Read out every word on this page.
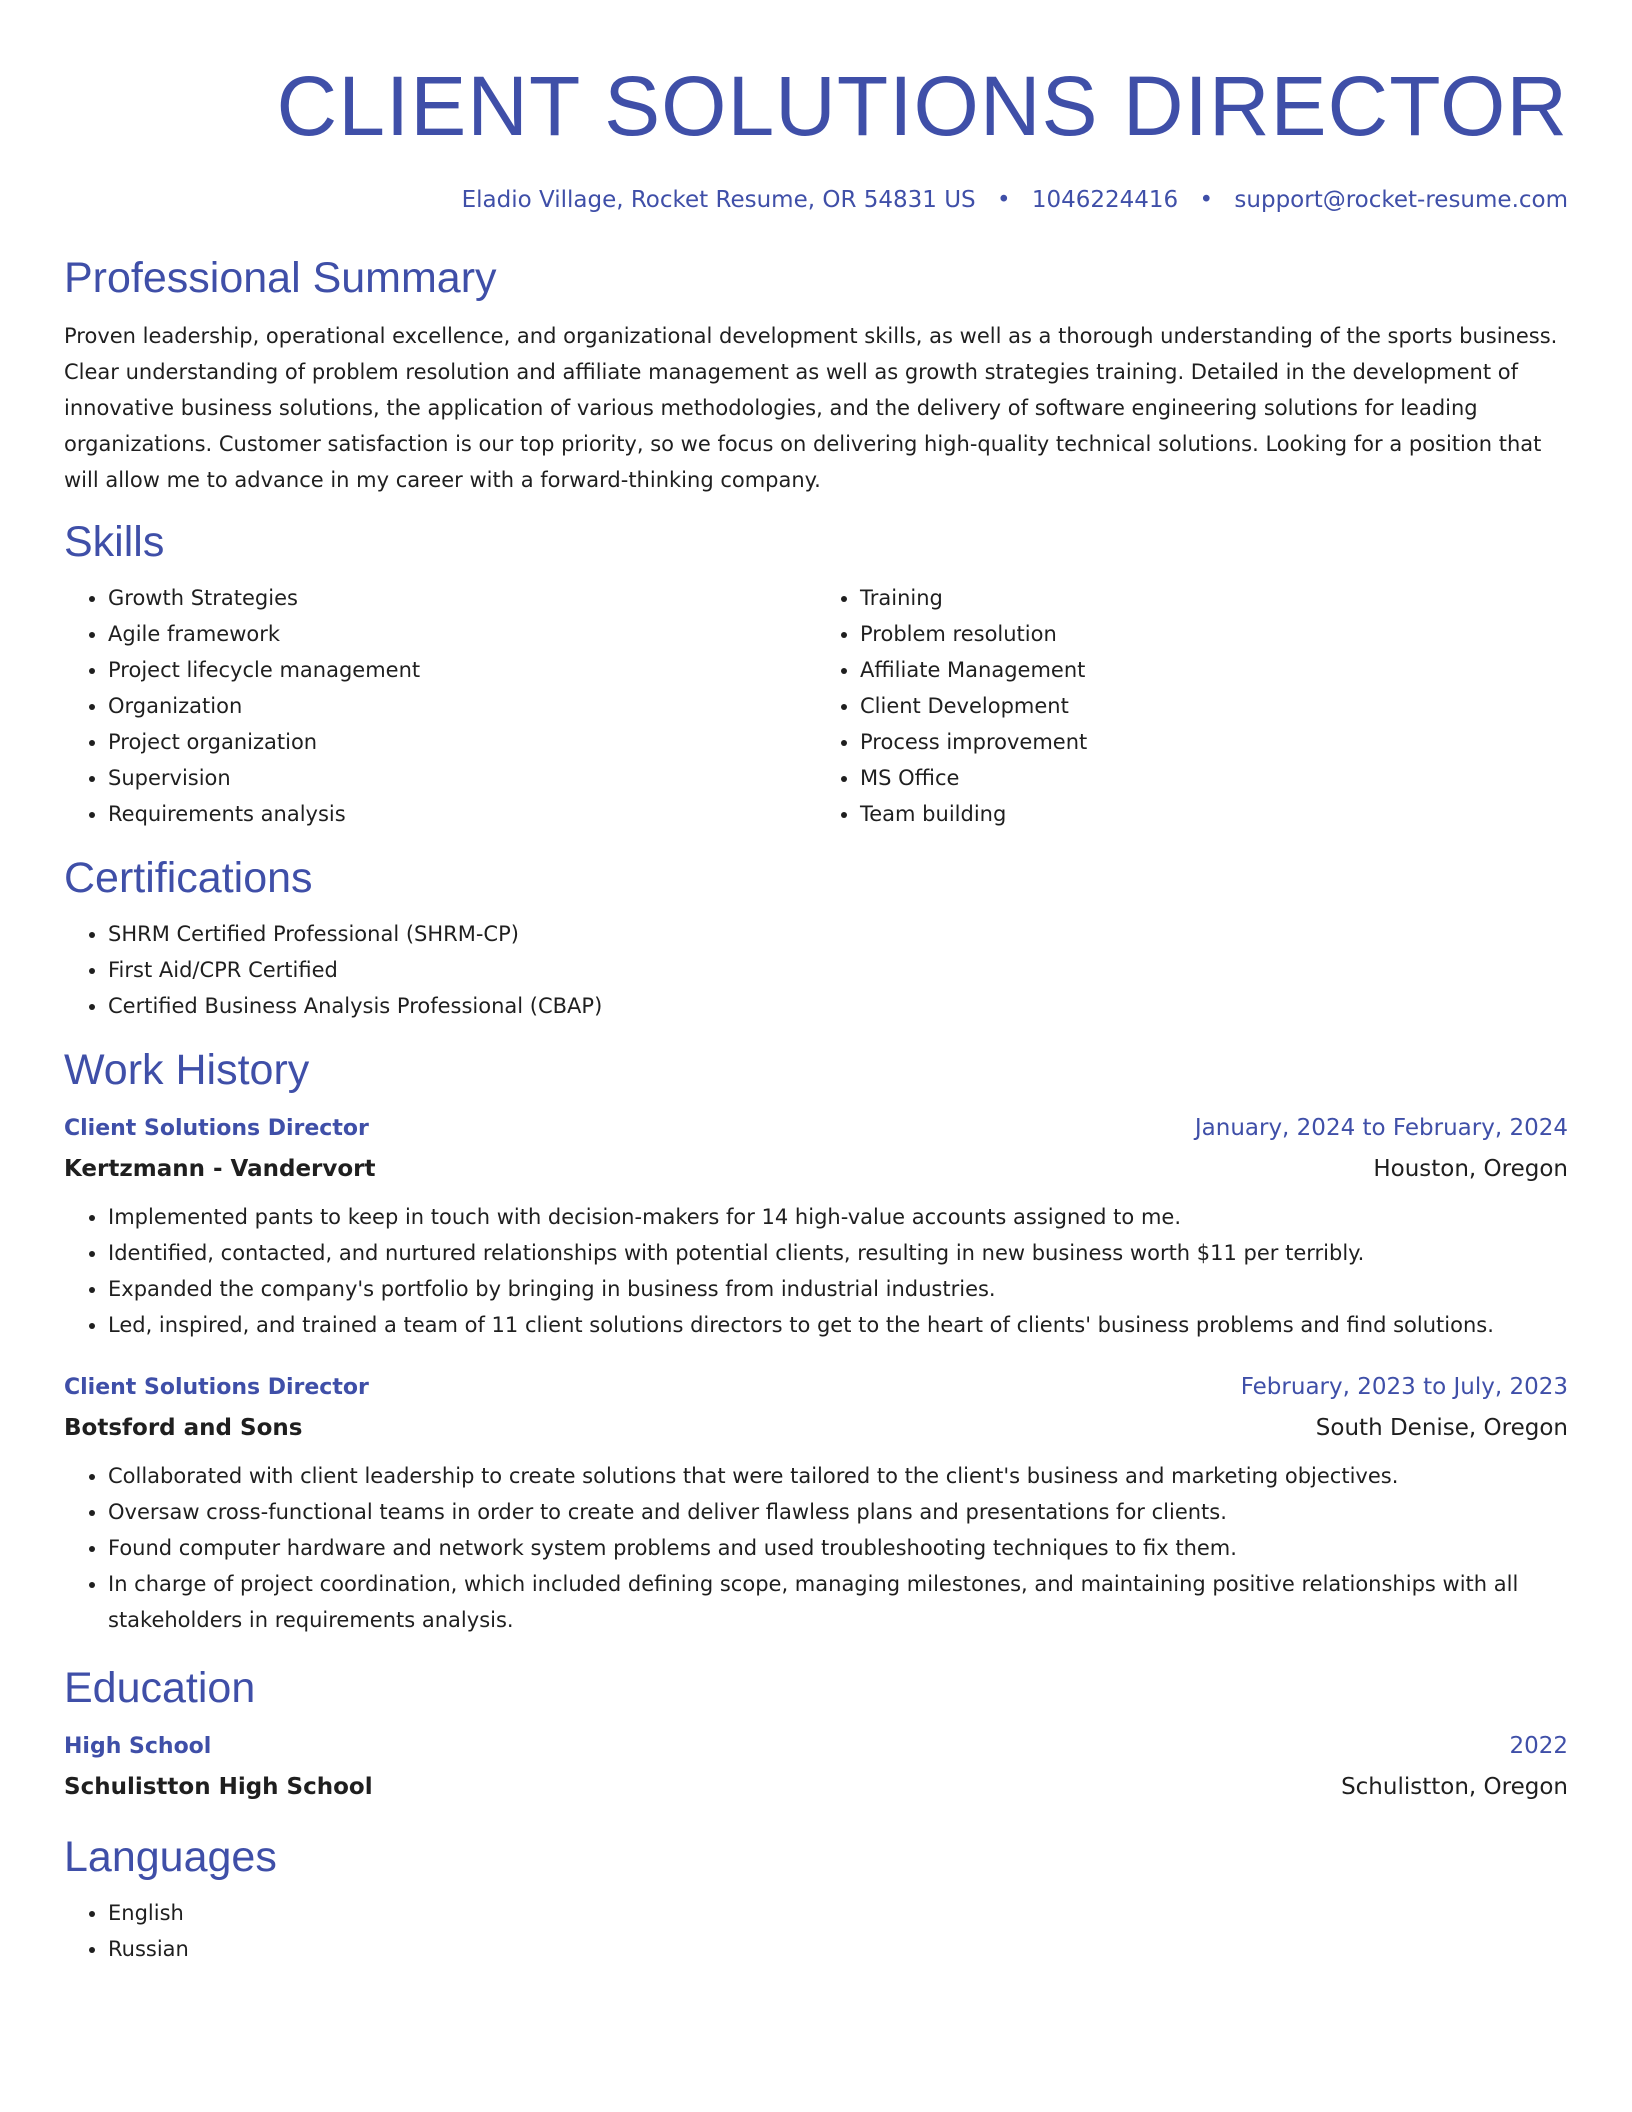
CLIENT SOLUTIONS DIRECTOR
Eladio Village, Rocket Resume, OR 54831 US • 1046224416 • support@rocket-resume.com
Professional Summary
Proven leadership, operational excellence, and organizational development skills, as well as a thorough understanding of the sports business. Clear understanding of problem resolution and affiliate management as well as growth strategies training. Detailed in the development of innovative business solutions, the application of various methodologies, and the delivery of software engineering solutions for leading organizations. Customer satisfaction is our top priority, so we focus on delivering high-quality technical solutions. Looking for a position that will allow me to advance in my career with a forward-thinking company.
Skills
• Growth Strategies
• Agile framework
• Project lifecycle management
• Organization
• Project organization
• Supervision
• Requirements analysis
• Training
• Problem resolution
• Affiliate Management
• Client Development
• Process improvement
• MS Office
• Team building
Certifications
• SHRM Certified Professional (SHRM-CP)
• First Aid/CPR Certified
• Certified Business Analysis Professional (CBAP)
Work History
Client Solutions Director	January, 2024 to February, 2024
Kertzmann - Vandervort	Houston, Oregon
• Implemented pants to keep in touch with decision-makers for 14 high-value accounts assigned to me.
• Identified, contacted, and nurtured relationships with potential clients, resulting in new business worth $11 per terribly.
• Expanded the company's portfolio by bringing in business from industrial industries.
• Led, inspired, and trained a team of 11 client solutions directors to get to the heart of clients' business problems and find solutions.
Client Solutions Director	February, 2023 to July, 2023
Botsford and Sons	South Denise, Oregon
• Collaborated with client leadership to create solutions that were tailored to the client's business and marketing objectives.
• Oversaw cross-functional teams in order to create and deliver flawless plans and presentations for clients.
• Found computer hardware and network system problems and used troubleshooting techniques to fix them.
• In charge of project coordination, which included defining scope, managing milestones, and maintaining positive relationships with all stakeholders in requirements analysis.
Education
High School	2022
Schulistton High School	Schulistton, Oregon
Languages
• English
• Russian
